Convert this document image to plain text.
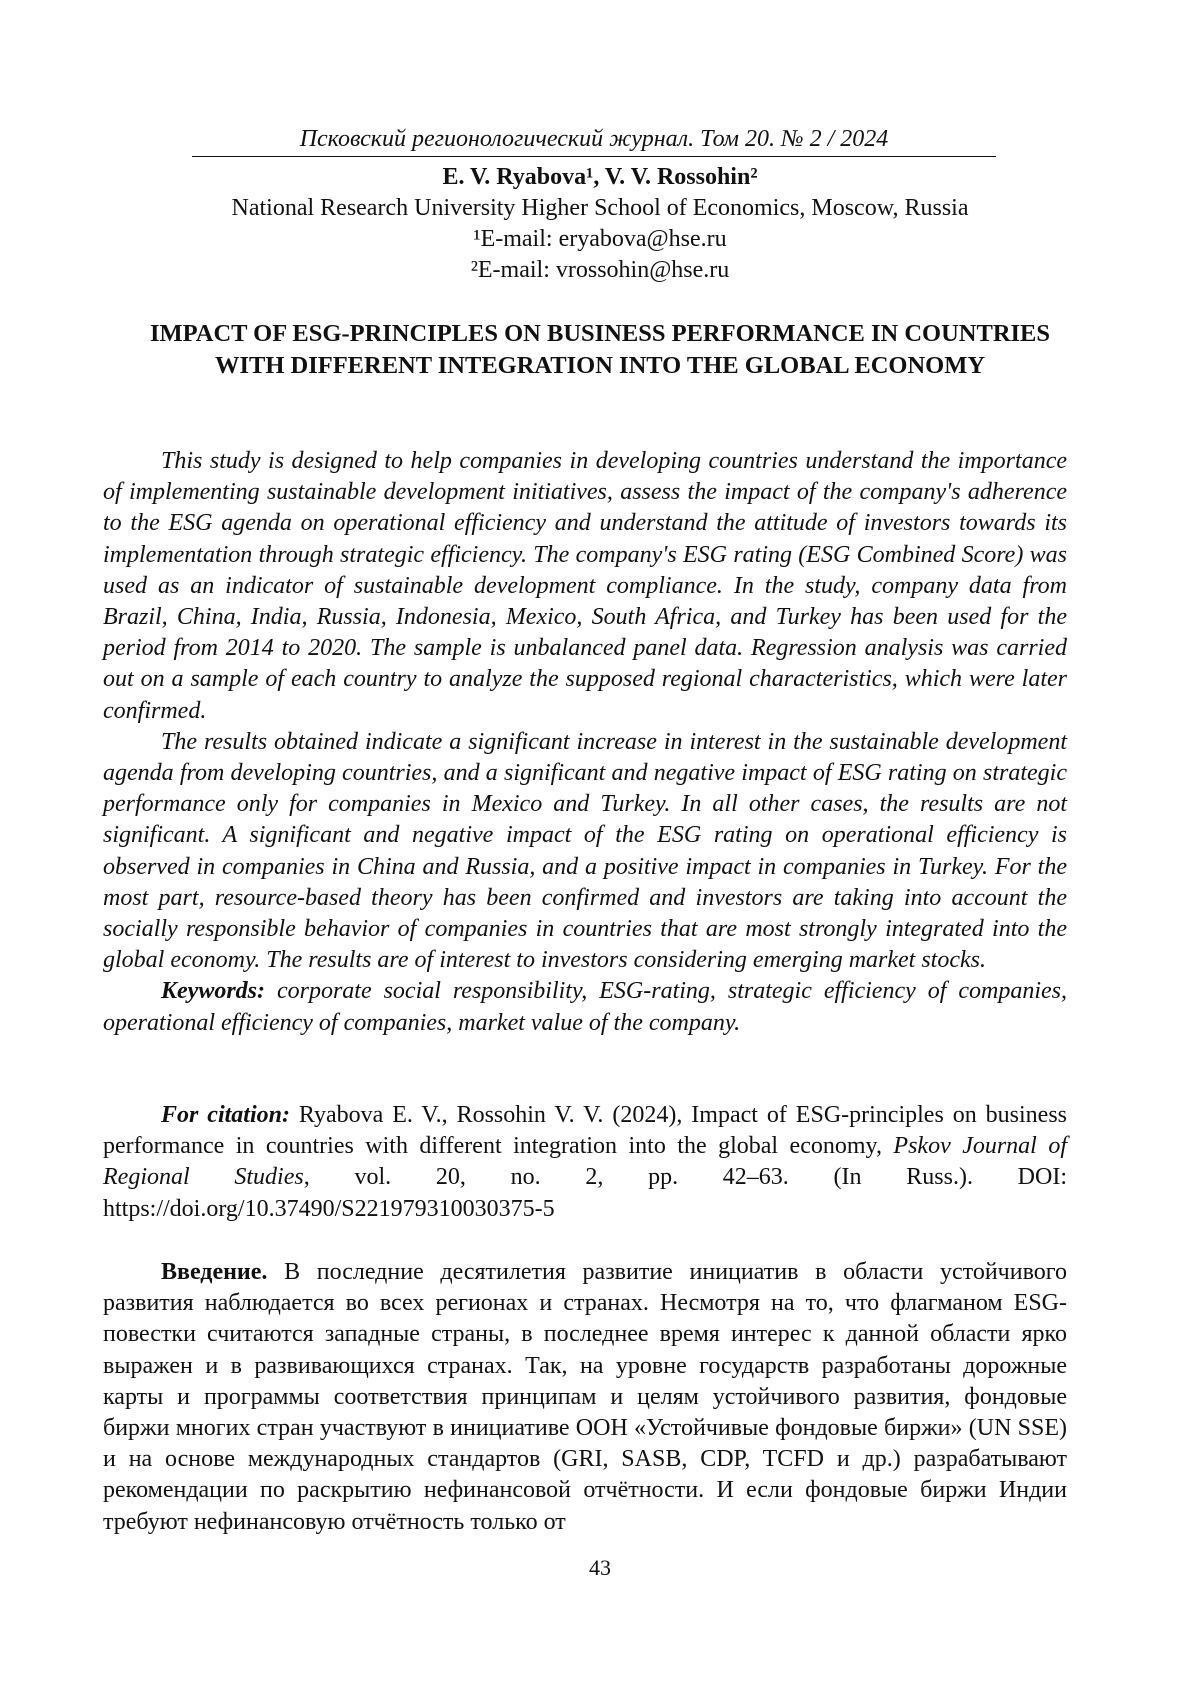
Псковский регионологический журнал. Том 20. № 2 / 2024
E. V. Ryabova¹, V. V. Rossohin²
National Research University Higher School of Economics, Moscow, Russia
¹E-mail: eryabova@hse.ru
²E-mail: vrossohin@hse.ru
IMPACT OF ESG-PRINCIPLES ON BUSINESS PERFORMANCE IN COUNTRIES WITH DIFFERENT INTEGRATION INTO THE GLOBAL ECONOMY

This study is designed to help companies in developing countries understand the importance of implementing sustainable development initiatives, assess the impact of the company's adherence to the ESG agenda on operational efficiency and understand the attitude of investors towards its implementation through strategic efficiency. The company's ESG rating (ESG Combined Score) was used as an indicator of sustainable development compliance. In the study, company data from Brazil, China, India, Russia, Indonesia, Mexico, South Africa, and Turkey has been used for the period from 2014 to 2020. The sample is unbalanced panel data. Regression analysis was carried out on a sample of each country to analyze the supposed regional characteristics, which were later confirmed.

The results obtained indicate a significant increase in interest in the sustainable development agenda from developing countries, and a significant and negative impact of ESG rating on strategic performance only for companies in Mexico and Turkey. In all other cases, the results are not significant. A significant and negative impact of the ESG rating on operational efficiency is observed in companies in China and Russia, and a positive impact in companies in Turkey. For the most part, resource-based theory has been confirmed and investors are taking into account the socially responsible behavior of companies in countries that are most strongly integrated into the global economy. The results are of interest to investors considering emerging market stocks.

Keywords: corporate social responsibility, ESG-rating, strategic efficiency of companies, operational efficiency of companies, market value of the company.

For citation: Ryabova E. V., Rossohin V. V. (2024), Impact of ESG-principles on business performance in countries with different integration into the global economy, Pskov Journal of Regional Studies, vol. 20, no. 2, pp. 42–63. (In Russ.). DOI: https://doi.org/10.37490/S221979310030375-5

Введение. В последние десятилетия развитие инициатив в области устойчивого развития наблюдается во всех регионах и странах. Несмотря на то, что флагманом ESG-повестки считаются западные страны, в последнее время интерес к данной области ярко выражен и в развивающихся странах. Так, на уровне государств разработаны дорожные карты и программы соответствия принципам и целям устойчивого развития, фондовые биржи многих стран участвуют в инициативе ООН «Устойчивые фондовые биржи» (UN SSE) и на основе международных стандартов (GRI, SASB, CDP, TCFD и др.) разрабатывают рекомендации по раскрытию нефинансовой отчётности. И если фондовые биржи Индии требуют нефинансовую отчётность только от

43
